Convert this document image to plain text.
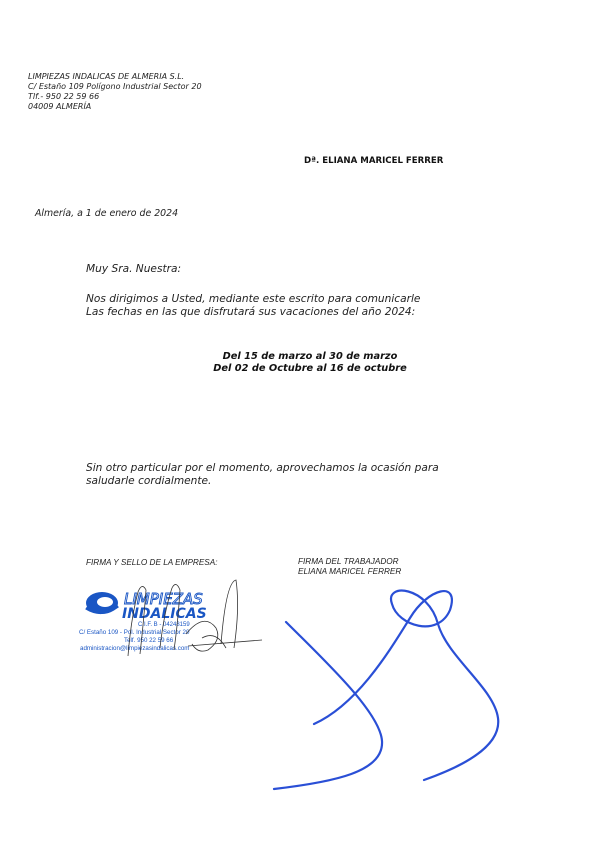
LIMPIEZAS INDALICAS DE ALMERIA S.L.
C/ Estaño 109 Polígono Industrial Sector 20
Tlf.- 950 22 59 66
04009 ALMERÍA
Dª. ELIANA MARICEL FERRER
Almería, a 1 de enero de 2024
Muy Sra. Nuestra:
Nos dirigimos a Usted, mediante este escrito para comunicarle
Las fechas en las que disfrutará sus vacaciones del año 2024:
Del 15 de marzo al 30 de marzo
Del 02 de Octubre al 16 de octubre
Sin otro particular por el momento, aprovechamos la ocasión para
saludarle cordialmente.
FIRMA Y SELLO DE LA EMPRESA:	FIRMA DEL TRABAJADOR
ELIANA MARICEL FERRER
LIMPIEZAS
INDALICAS
C.I.F. B - 04248159
C/ Estaño 109 - Pol. Industrial Sector 20
Telf. 950 22 59 66
administracion@limpiezasindalicas.com
